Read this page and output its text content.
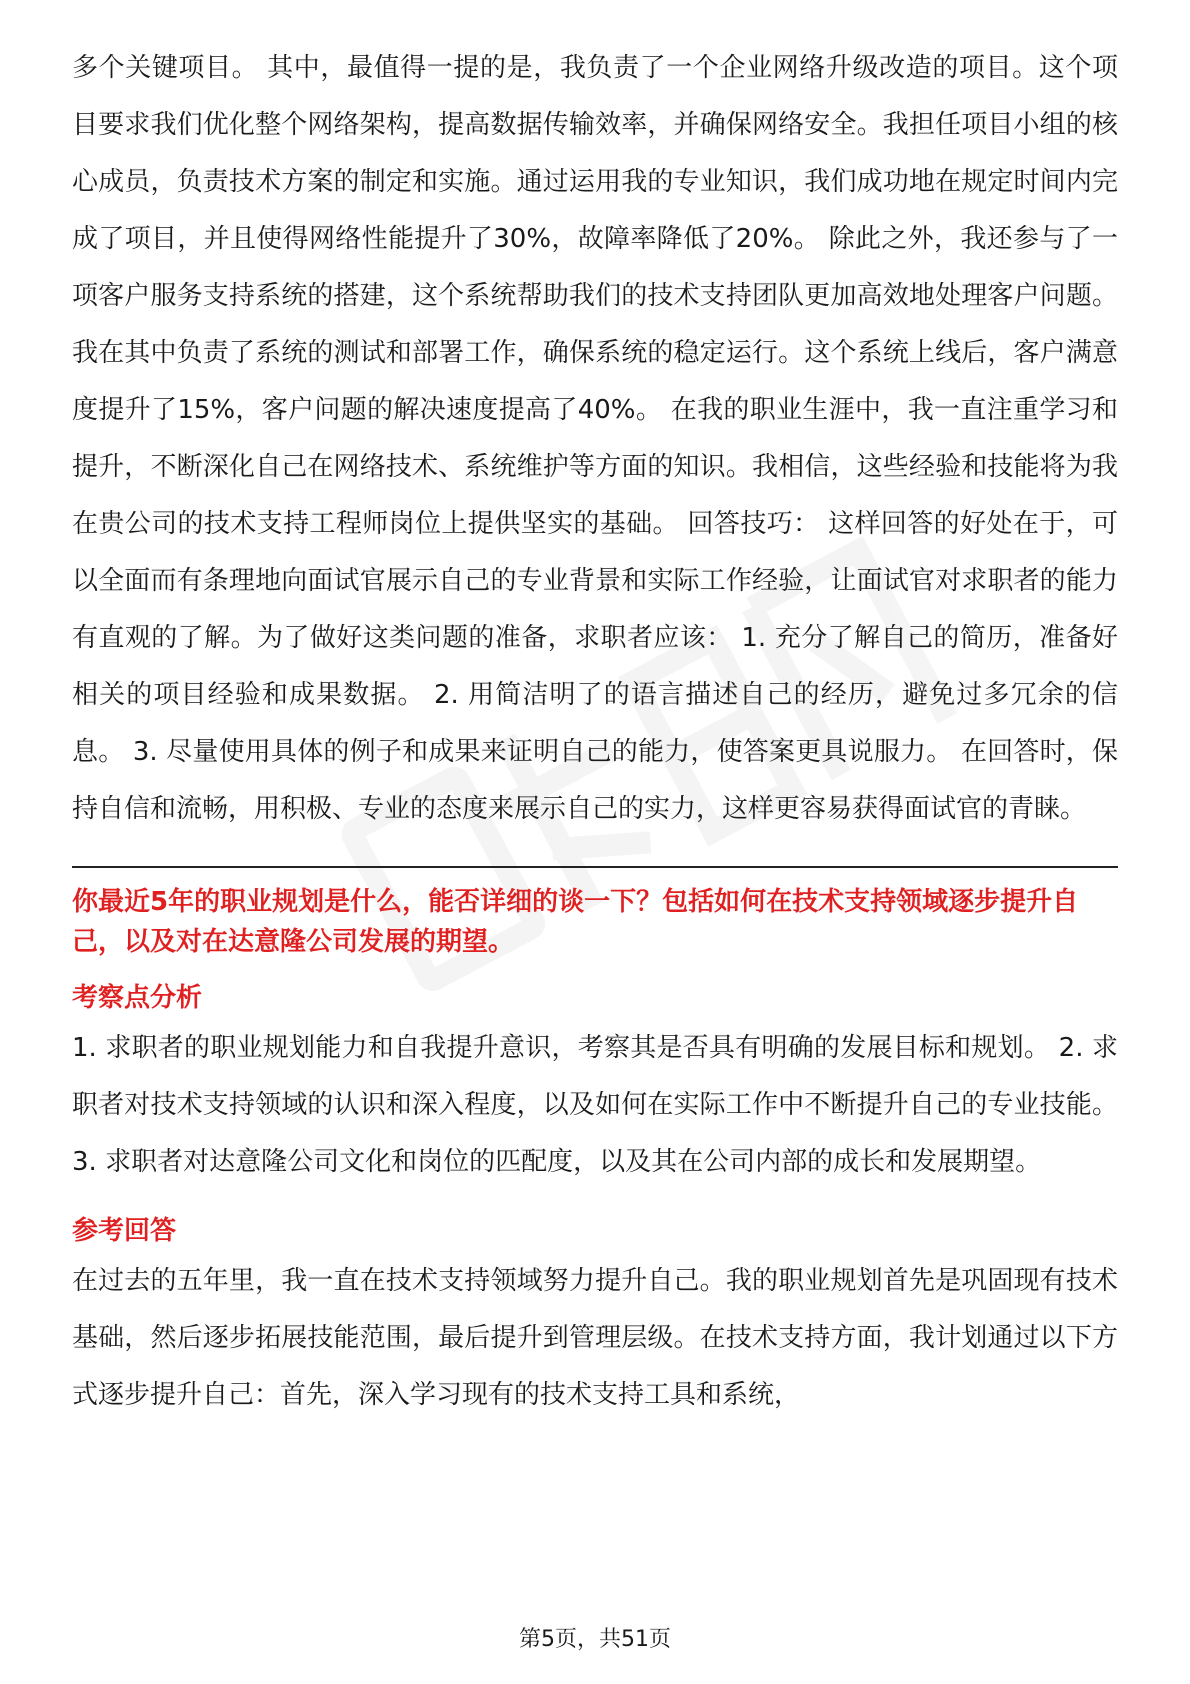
多个关键项目。 其中，最值得一提的是，我负责了一个企业网络升级改造的项目。这个项目要求我们优化整个网络架构，提高数据传输效率，并确保网络安全。我担任项目小组的核心成员，负责技术方案的制定和实施。通过运用我的专业知识，我们成功地在规定时间内完成了项目，并且使得网络性能提升了30%，故障率降低了20%。 除此之外，我还参与了一项客户服务支持系统的搭建，这个系统帮助我们的技术支持团队更加高效地处理客户问题。我在其中负责了系统的测试和部署工作，确保系统的稳定运行。这个系统上线后，客户满意度提升了15%，客户问题的解决速度提高了40%。 在我的职业生涯中，我一直注重学习和提升，不断深化自己在网络技术、系统维护等方面的知识。我相信，这些经验和技能将为我在贵公司的技术支持工程师岗位上提供坚实的基础。 回答技巧： 这样回答的好处在于，可以全面而有条理地向面试官展示自己的专业背景和实际工作经验，让面试官对求职者的能力有直观的了解。为了做好这类问题的准备，求职者应该： 1. 充分了解自己的简历，准备好相关的项目经验和成果数据。 2. 用简洁明了的语言描述自己的经历，避免过多冗余的信息。 3. 尽量使用具体的例子和成果来证明自己的能力，使答案更具说服力。 在回答时，保持自信和流畅，用积极、专业的态度来展示自己的实力，这样更容易获得面试官的青睐。

你最近5年的职业规划是什么，能否详细的谈一下？包括如何在技术支持领域逐步提升自己，以及对在达意隆公司发展的期望。

考察点分析

1. 求职者的职业规划能力和自我提升意识，考察其是否具有明确的发展目标和规划。 2. 求职者对技术支持领域的认识和深入程度，以及如何在实际工作中不断提升自己的专业技能。 3. 求职者对达意隆公司文化和岗位的匹配度，以及其在公司内部的成长和发展期望。

参考回答

在过去的五年里，我一直在技术支持领域努力提升自己。我的职业规划首先是巩固现有技术基础，然后逐步拓展技能范围，最后提升到管理层级。在技术支持方面，我计划通过以下方式逐步提升自己：首先，深入学习现有的技术支持工具和系统，

第5页，共51页
